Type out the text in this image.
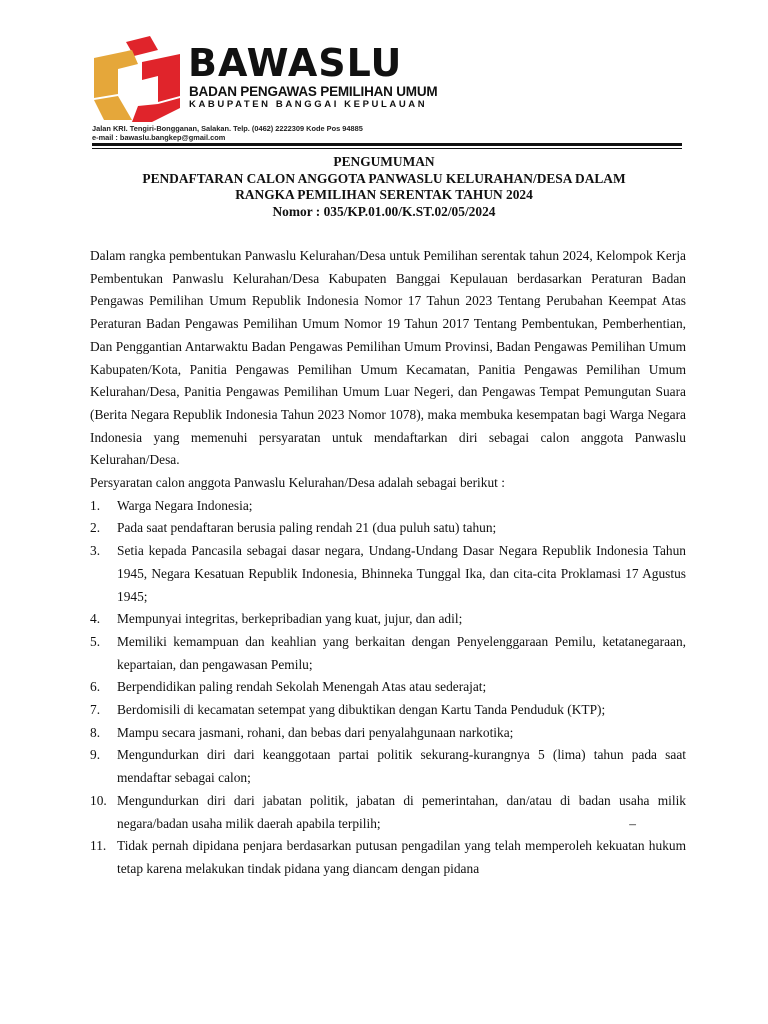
BAWASLU
BADAN PENGAWAS PEMILIHAN UMUM
KABUPATEN BANGGAI KEPULAUAN
Jalan KRI. Tengiri-Bongganan, Salakan. Telp. (0462) 2222309 Kode Pos 94885
e-mail : bawaslu.bangkep@gmail.com
PENGUMUMAN
PENDAFTARAN CALON ANGGOTA PANWASLU KELURAHAN/DESA DALAM
RANGKA PEMILIHAN SERENTAK TAHUN 2024
Nomor : 035/KP.01.00/K.ST.02/05/2024

Dalam rangka pembentukan Panwaslu Kelurahan/Desa untuk Pemilihan serentak tahun 2024, Kelompok Kerja Pembentukan Panwaslu Kelurahan/Desa Kabupaten Banggai Kepulauan berdasarkan Peraturan Badan Pengawas Pemilihan Umum Republik Indonesia Nomor 17 Tahun 2023 Tentang Perubahan Keempat Atas Peraturan Badan Pengawas Pemilihan Umum Nomor 19 Tahun 2017 Tentang Pembentukan, Pemberhentian, Dan Penggantian Antarwaktu Badan Pengawas Pemilihan Umum Provinsi, Badan Pengawas Pemilihan Umum Kabupaten/Kota, Panitia Pengawas Pemilihan Umum Kecamatan, Panitia Pengawas Pemilihan Umum Kelurahan/Desa, Panitia Pengawas Pemilihan Umum Luar Negeri, dan Pengawas Tempat Pemungutan Suara (Berita Negara Republik Indonesia Tahun 2023 Nomor 1078), maka membuka kesempatan bagi Warga Negara Indonesia yang memenuhi persyaratan untuk mendaftarkan diri sebagai calon anggota Panwaslu Kelurahan/Desa.

Persyaratan calon anggota Panwaslu Kelurahan/Desa adalah sebagai berikut :

1. Warga Negara Indonesia;
2. Pada saat pendaftaran berusia paling rendah 21 (dua puluh satu) tahun;
3. Setia kepada Pancasila sebagai dasar negara, Undang-Undang Dasar Negara Republik Indonesia Tahun 1945, Negara Kesatuan Republik Indonesia, Bhinneka Tunggal Ika, dan cita-cita Proklamasi 17 Agustus 1945;
4. Mempunyai integritas, berkepribadian yang kuat, jujur, dan adil;
5. Memiliki kemampuan dan keahlian yang berkaitan dengan Penyelenggaraan Pemilu, ketatanegaraan, kepartaian, dan pengawasan Pemilu;
6. Berpendidikan paling rendah Sekolah Menengah Atas atau sederajat;
7. Berdomisili di kecamatan setempat yang dibuktikan dengan Kartu Tanda Penduduk (KTP);
8. Mampu secara jasmani, rohani, dan bebas dari penyalahgunaan narkotika;
9. Mengundurkan diri dari keanggotaan partai politik sekurang-kurangnya 5 (lima) tahun pada saat mendaftar sebagai calon;
10. Mengundurkan diri dari jabatan politik, jabatan di pemerintahan, dan/atau di badan usaha milik negara/badan usaha milik daerah apabila terpilih;	–
11. Tidak pernah dipidana penjara berdasarkan putusan pengadilan yang telah memperoleh kekuatan hukum tetap karena melakukan tindak pidana yang diancam dengan pidana
